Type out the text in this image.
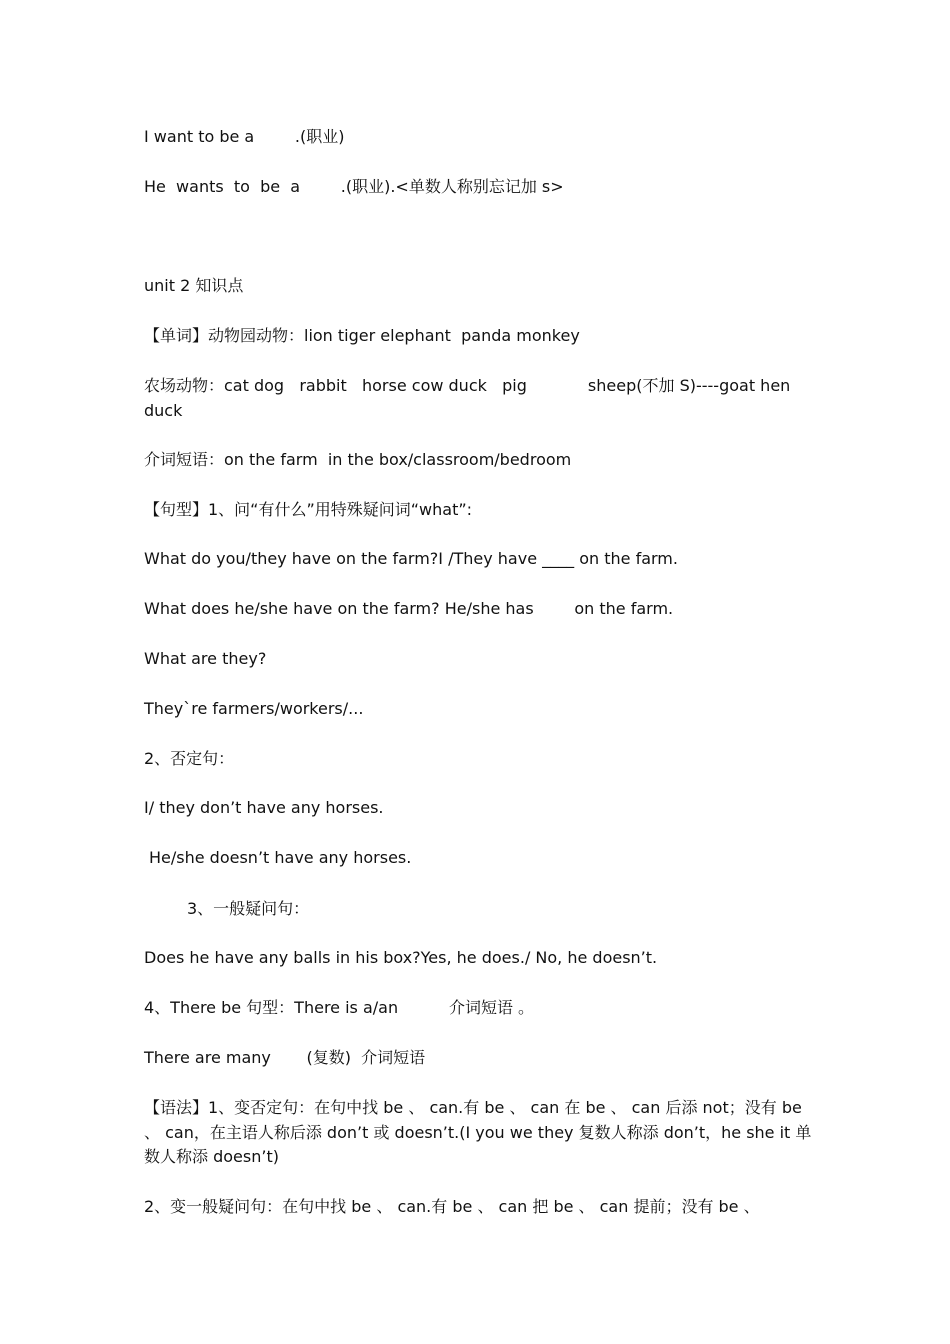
I want to be a        .(职业)

He  wants  to  be  a        .(职业).<单数人称别忘记加 s>

unit 2 知识点

【单词】动物园动物：lion tiger elephant  panda monkey

农场动物：cat dog   rabbit   horse cow duck   pig            sheep(不加 S)----goat hen duck

介词短语：on the farm  in the box/classroom/bedroom

【句型】1、问“有什么”用特殊疑问词“what”:

What do you/they have on the farm?I /They have ____ on the farm.

What does he/she have on the farm? He/she has        on the farm.

What are they?

They`re farmers/workers/...

2、否定句：

I/ they don’t have any horses.

He/she doesn’t have any horses.

3、一般疑问句：

Does he have any balls in his box?Yes, he does./ No, he doesn’t.

4、There be 句型：There is a/an          介词短语 。

There are many       (复数)  介词短语

【语法】1、变否定句：在句中找 be 、 can.有 be 、 can 在 be 、 can 后添 not；没有 be 、 can，在主语人称后添 don’t 或 doesn’t.(I you we they 复数人称添 don’t，he she it 单数人称添 doesn’t)

2、变一般疑问句：在句中找 be 、 can.有 be 、 can 把 be 、 can 提前；没有 be 、
